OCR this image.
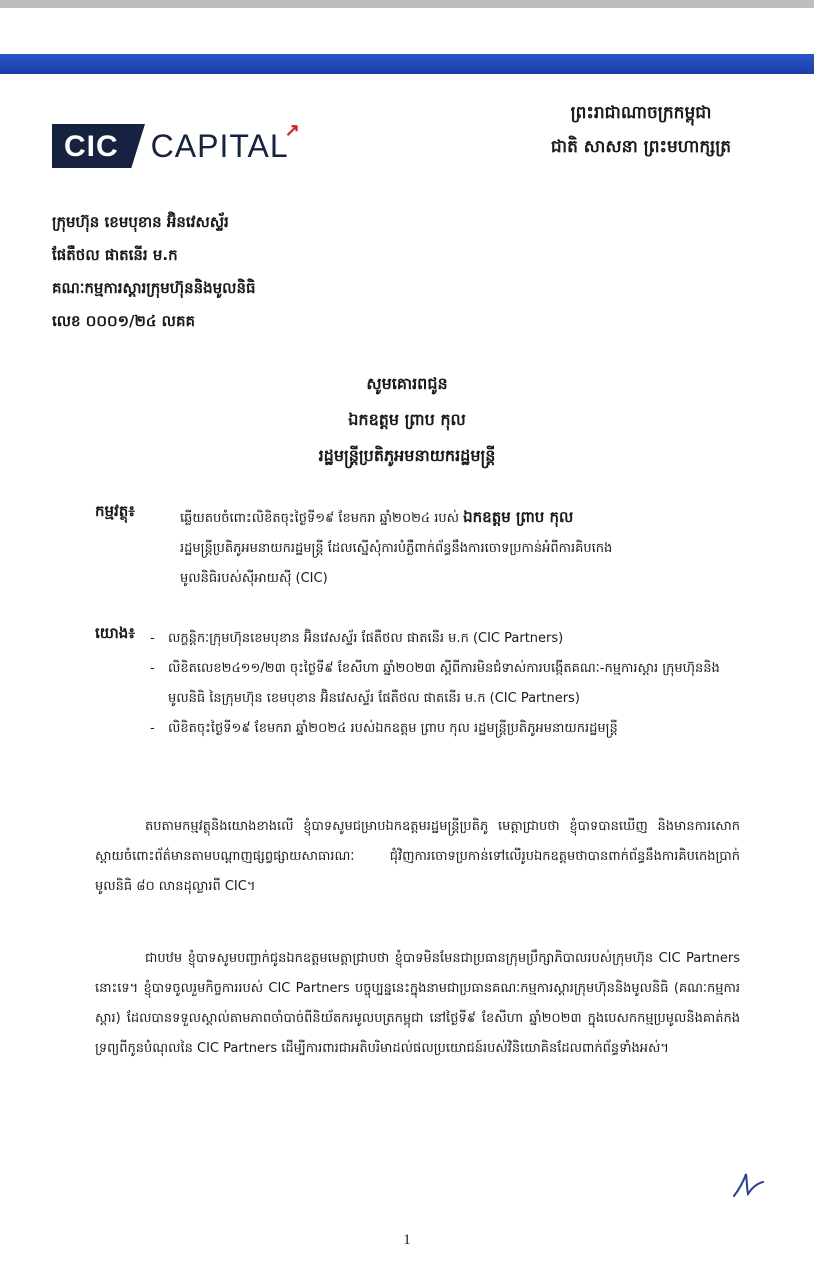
CIC	CAPITAL
↗
ព្រះរាជាណាចក្រកម្ពុជា
ជាតិ សាសនា ព្រះមហាក្សត្រ
ក្រុមហ៊ុន ខេមបុខាន អ៊ិនវេសស្ទ័រ
ផែតឺថល ផាតនើរ ម.ក
គណៈកម្មការស្តារក្រុមហ៊ុននិងមូលនិធិ
លេខ ០០០១/២៤ លគគ
សូមគោរពជូន
ឯកឧត្តម ព្រាប កុល
រដ្ឋមន្ត្រីប្រតិភូអមនាយករដ្ឋមន្ត្រី
កម្មវត្ថុ៖	ឆ្លើយតបចំពោះលិខិតចុះថ្ងៃទី១៩ ខែមករា ឆ្នាំ២០២៤ របស់ ឯកឧត្តម ព្រាប កុល
រដ្ឋមន្ត្រីប្រតិភូអមនាយករដ្ឋមន្ត្រី ដែលស្នើសុំការបំភ្លឺពាក់ព័ន្ធនឹងការចោទប្រកាន់អំពីការគិបកេង
មូលនិធិរបស់ស៊ីអាយស៊ី (CIC)
យោង៖ -	លក្ខន្តិកៈក្រុមហ៊ុនខេមបុខាន អ៊ិនវេសស្ទ័រ ផែតឺថល ផាតនើរ ម.ក (CIC Partners)
-	លិខិតលេខ២៤១១/២៣ ចុះថ្ងៃទី៩ ខែសីហា ឆ្នាំ២០២៣ ស្តីពីការមិនជំទាស់ការបង្កើតគណៈ-កម្មការស្តារ ក្រុមហ៊ុននិងមូលនិធិ នៃក្រុមហ៊ុន ខេមបុខាន អ៊ិនវេសស្ទ័រ ផែតឺថល ផាតនើរ ម.ក (CIC Partners)
-	លិខិតចុះថ្ងៃទី១៩ ខែមករា ឆ្នាំ២០២៤ របស់ឯកឧត្តម ព្រាប កុល រដ្ឋមន្ត្រីប្រតិភូអមនាយករដ្ឋមន្ត្រី
តបតាមកម្មវត្ថុនិងយោងខាងលើ ខ្ញុំបាទសូមជម្រាបឯកឧត្តមរដ្ឋមន្ត្រីប្រតិភូ មេត្តាជ្រាបថា ខ្ញុំបាទបានឃើញ និងមានការសោកស្តាយចំពោះព័ត៌មានតាមបណ្តាញផ្សព្វផ្សាយសាធារណៈ ជុំវិញការចោទប្រកាន់ទៅលើរូបឯកឧត្តមថាបានពាក់ព័ន្ធនឹងការគិបកេងប្រាក់មូលនិធិ ៨០ លានដុល្លារពី CIC។
ជាបឋម ខ្ញុំបាទសូមបញ្ជាក់ជូនឯកឧត្តមមេត្តាជ្រាបថា ខ្ញុំបាទមិនមែនជាប្រធានក្រុមប្រឹក្សាភិបាលរបស់ក្រុមហ៊ុន CIC Partners នោះទេ។ ខ្ញុំបាទចូលរួមកិច្ចការរបស់ CIC Partners បច្ចុប្បន្ននេះក្នុងនាមជាប្រធានគណៈកម្មការស្តារក្រុមហ៊ុននិងមូលនិធិ (គណៈកម្មការស្តារ) ដែលបានទទួលស្គាល់តាមភាពចាំបាច់ពីនិយ័តករមូលបត្រកម្ពុជា នៅថ្ងៃទី៩ ខែសីហា ឆ្នាំ២០២៣ ក្នុងបេសកកម្មប្រមូលនិងគាត់កងទ្រព្យពីកូនបំណុលនៃ CIC Partners ដើម្បីការពារជាអតិបរិមាដល់ផលប្រយោជន៍របស់វិនិយោគិនដែលពាក់ព័ន្ធទាំងអស់។
1
